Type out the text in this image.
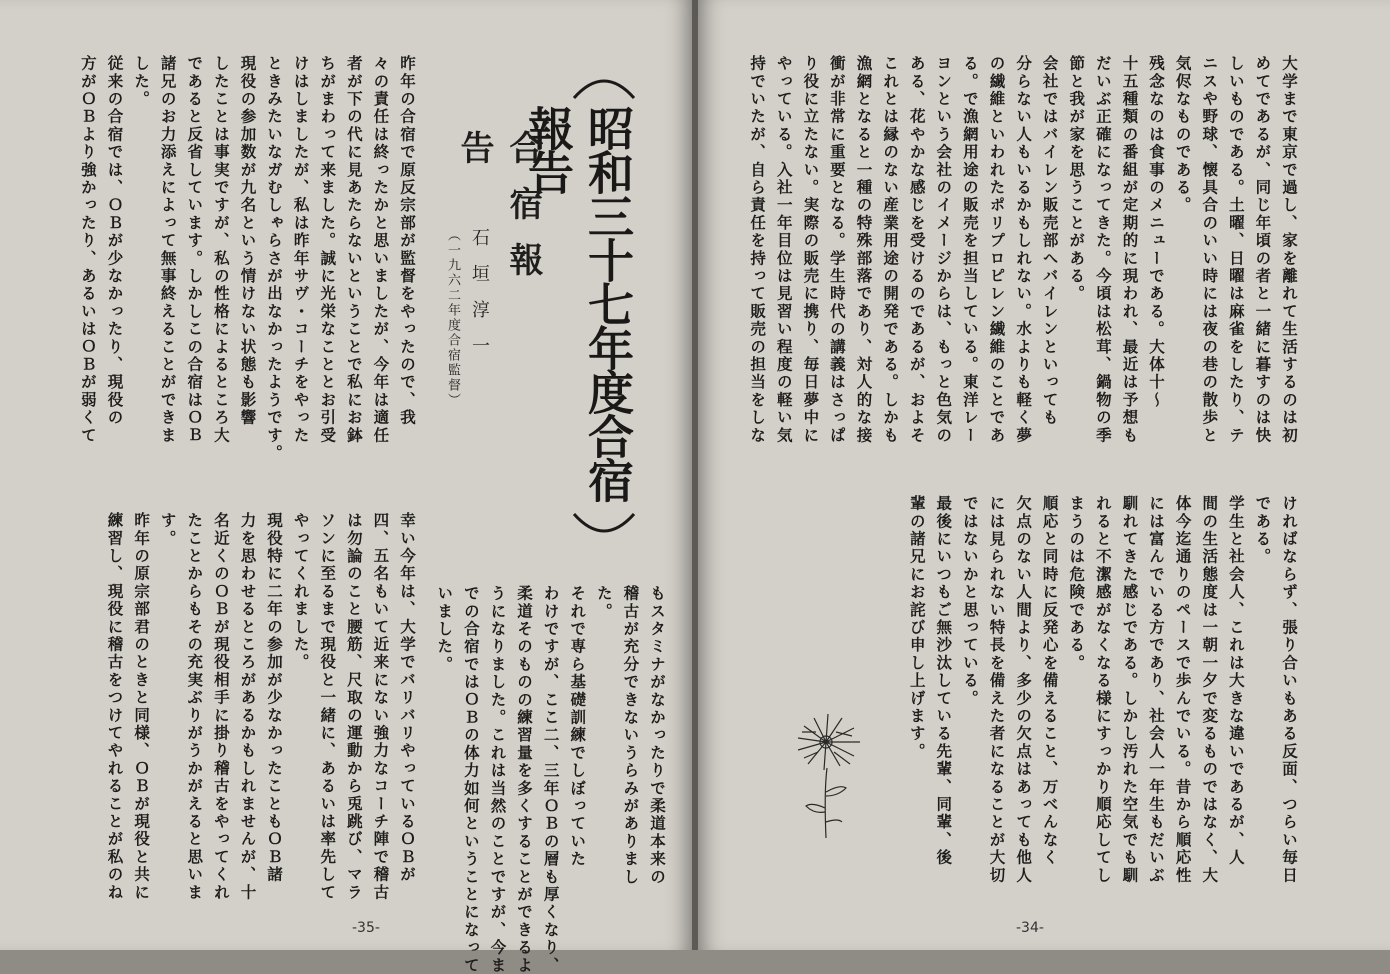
昭和三十七年度合宿報告
合宿報告
石垣淳一
（一九六二年度合宿監督）
もスタミナがなかったりで柔道本来の
稽古が充分できないうらみがありまし
た。
それで専ら基礎訓練でしぼっていた
わけですが、ここ二、三年ＯＢの層も厚くなり、
柔道そのものの練習量を多くすることができるよ
うになりました。これは当然のことですが、今ま
での合宿ではＯＢの体力如何ということになって
いました。
昨年の合宿で原反宗部が監督をやったので、我
々の責任は終ったかと思いましたが、今年は適任
者が下の代に見あたらないということで私にお鉢
ちがまわって来ました。誠に光栄なこととお引受
けはしましたが、私は昨年サヴ・コーチをやった
ときみたいなガむしゃらさが出なかったようです。
現役の参加数が九名という情けない状態も影響
したことは事実ですが、私の性格によるところ大
であると反省しています。しかしこの合宿はＯＢ
諸兄のお力添えによって無事終えることができま
した。
従来の合宿では、ＯＢが少なかったり、現役の
方がＯＢより強かったり、あるいはＯＢが弱くて
幸い今年は、大学でバリバリやっているＯＢが
四、五名もいて近来にない強力なコーチ陣で稽古
は勿論のこと腰筋、尺取の運動から兎跳び、マラ
ソンに至るまで現役と一緒に、あるいは率先して
やってくれました。
現役特に二年の参加が少なかったこともＯＢ諸
力を思わせるところがあるかもしれませんが、十
名近くのＯＢが現役相手に掛り稽古をやってくれ
たことからもその充実ぶりがうかがえると思いま
す。
昨年の原宗部君のときと同様、ＯＢが現役と共に
練習し、現役に稽古をつけてやれることが私のね
-35-
大学まで東京で過し、家を離れて生活するのは初
めてであるが、同じ年頃の者と一緒に暮すのは快
しいものである。土曜、日曜は麻雀をしたり、テ
ニスや野球、懐具合のいい時には夜の巷の散歩と
気侭なものである。
残念なのは食事のメニューである。大体十～
十五種類の番組が定期的に現われ、最近は予想も
だいぶ正確になってきた。今頃は松茸、鍋物の季
節と我が家を思うことがある。
会社ではバイレン販売部へバイレンといっても
分らない人もいるかもしれない。水よりも軽く夢
の繊維といわれたポリプロピレン繊維のことであ
る。で漁網用途の販売を担当している。東洋レー
ヨンという会社のイメージからは、もっと色気の
ある、花やかな感じを受けるのであるが、およそ
これとは縁のない産業用途の開発である。しかも
漁網となると一種の特殊部落であり、対人的な接
衝が非常に重要となる。学生時代の講義はさっぱ
り役に立たない。実際の販売に携り、毎日夢中に
やっている。入社一年目位は見習い程度の軽い気
持でいたが、自ら責任を持って販売の担当をしな
ければならず、張り合いもある反面、つらい毎日
である。
学生と社会人、これは大きな違いであるが、人
間の生活態度は一朝一夕で変るものではなく、大
体今迄通りのペースで歩んでいる。昔から順応性
には富んでいる方であり、社会人一年生もだいぶ
馴れてきた感じである。しかし汚れた空気でも馴
れると不潔感がなくなる様にすっかり順応してし
まうのは危険である。
順応と同時に反発心を備えること、万べんなく
欠点のない人間より、多少の欠点はあっても他人
には見られない特長を備えた者になることが大切
ではないかと思っている。
最後にいつもご無沙汰している先輩、同輩、後
輩の諸兄にお詫び申し上げます。
-34-
